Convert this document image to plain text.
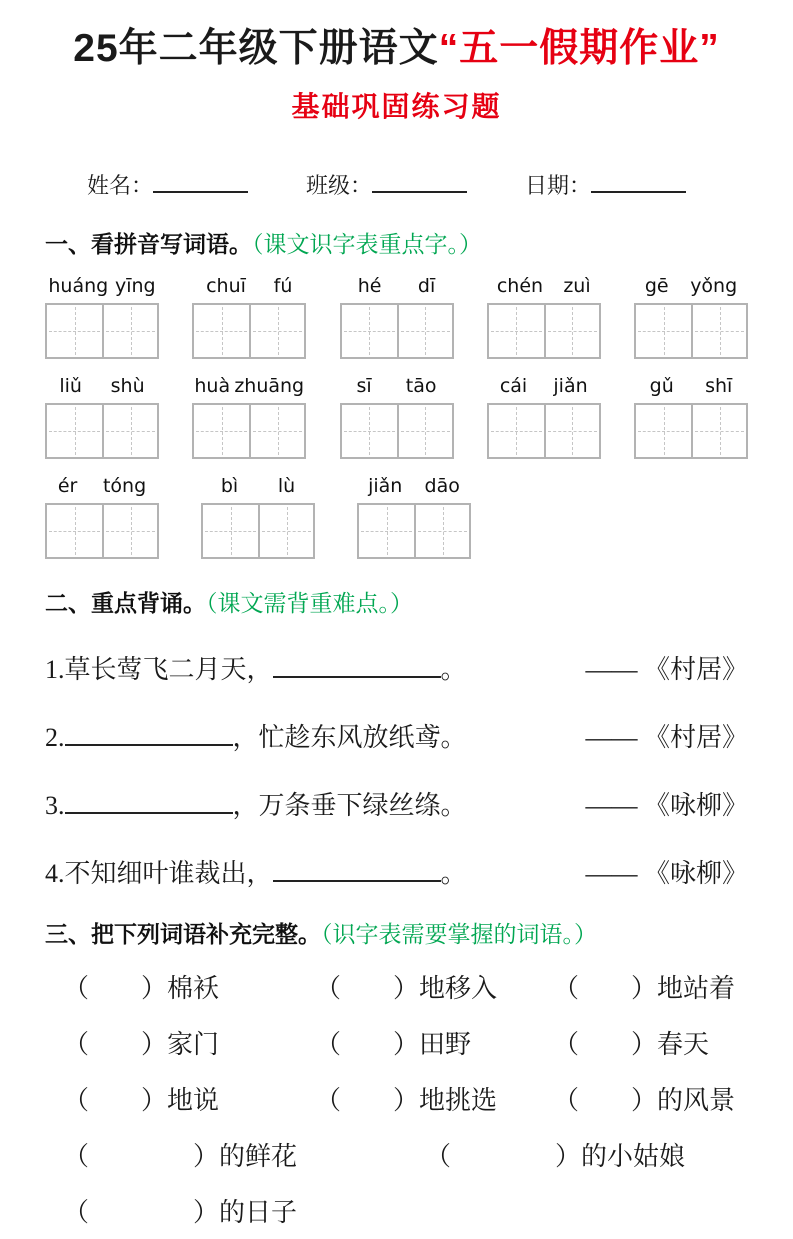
25年二年级下册语文“五一假期作业”
基础巩固练习题
姓名：	班级：	日期：
一、看拼音写词语。（课文识字表重点字。）
huáng yīng	chuī fú	hé dī	chén zuì	gē yǒng
liǔ shù	huà zhuāng	sī tāo	cái jiǎn	gǔ shī
ér tóng	bì lù	jiǎn dāo
二、重点背诵。（课文需背重难点。）
1.草长莺飞二月天，	。	—— 《村居》
2.	，忙趁东风放纸鸢。	—— 《村居》
3.	，万条垂下绿丝绦。	—— 《咏柳》
4.不知细叶谁裁出，	。	—— 《咏柳》
三、把下列词语补充完整。（识字表需要掌握的词语。）
（　　）棉袄	（　　）地移入	（　　）地站着
（　　）家门	（　　）田野	（　　）春天
（　　）地说	（　　）地挑选	（　　）的风景
（　　　　）的鲜花	（　　　　）的小姑娘
（　　　　）的日子
